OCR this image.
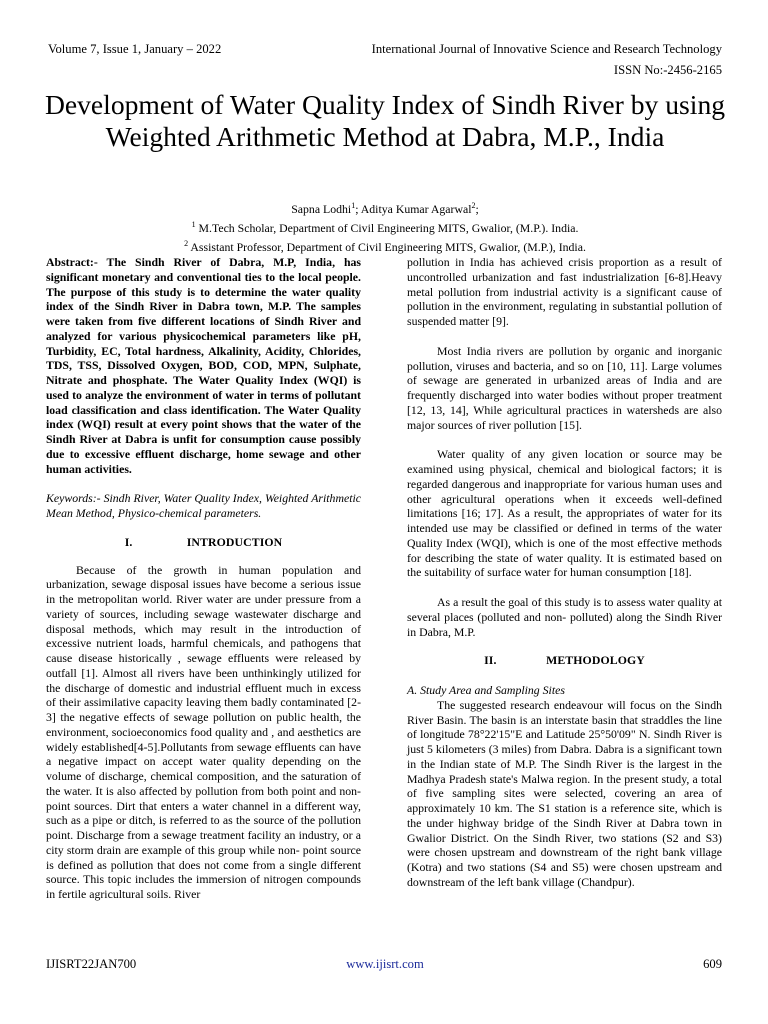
Volume 7, Issue 1, January – 2022	International Journal of Innovative Science and Research Technology
ISSN No:-2456-2165
Development of Water Quality Index of Sindh River by using Weighted Arithmetic Method at Dabra, M.P., India
Sapna Lodhi$^1$; Aditya Kumar Agarwal$^2$;
$^1$ M.Tech Scholar, Department of Civil Engineering MITS, Gwalior, (M.P.). India.
$^2$ Assistant Professor, Department of Civil Engineering MITS, Gwalior, (M.P.), India.

Abstract:- The Sindh River of Dabra, M.P, India, has significant monetary and conventional ties to the local people. The purpose of this study is to determine the water quality index of the Sindh River in Dabra town, M.P. The samples were taken from five different locations of Sindh River and analyzed for various physicochemical parameters like pH, Turbidity, EC, Total hardness, Alkalinity, Acidity, Chlorides, TDS, TSS, Dissolved Oxygen, BOD, COD, MPN, Sulphate, Nitrate and phosphate. The Water Quality Index (WQI) is used to analyze the environment of water in terms of pollutant load classification and class identification. The Water Quality index (WQI) result at every point shows that the water of the Sindh River at Dabra is unfit for consumption cause possibly due to excessive effluent discharge, home sewage and other human activities.

Keywords:- Sindh River, Water Quality Index, Weighted Arithmetic Mean Method, Physico-chemical parameters.

I.	INTRODUCTION

Because of the growth in human population and urbanization, sewage disposal issues have become a serious issue in the metropolitan world. River water are under pressure from a variety of sources, including sewage wastewater discharge and disposal methods, which may result in the introduction of excessive nutrient loads, harmful chemicals, and pathogens that cause disease historically , sewage effluents were released by outfall [1]. Almost all rivers have been unthinkingly utilized for the discharge of domestic and industrial effluent much in excess of their assimilative capacity leaving them badly contaminated [2-3] the negative effects of sewage pollution on public health, the environment, socioeconomics food quality and , and aesthetics are widely established[4-5].Pollutants from sewage effluents can have a negative impact on accept water quality depending on the volume of discharge, chemical composition, and the saturation of the water. It is also affected by pollution from both point and non- point sources. Dirt that enters a water channel in a different way, such as a pipe or ditch, is referred to as the source of the pollution point. Discharge from a sewage treatment facility an industry, or a city storm drain are example of this group while non- point source is defined as pollution that does not come from a single different source. This topic includes the immersion of nitrogen compounds in fertile agricultural soils. River

pollution in India has achieved crisis proportion as a result of uncontrolled urbanization and fast industrialization [6-8].Heavy metal pollution from industrial activity is a significant cause of pollution in the environment, regulating in substantial pollution of suspended matter [9].

Most India rivers are pollution by organic and inorganic pollution, viruses and bacteria, and so on [10, 11]. Large volumes of sewage are generated in urbanized areas of India and are frequently discharged into water bodies without proper treatment [12, 13, 14], While agricultural practices in watersheds are also major sources of river pollution [15].

Water quality of any given location or source may be examined using physical, chemical and biological factors; it is regarded dangerous and inappropriate for various human uses and other agricultural operations when it exceeds well-defined limitations [16; 17]. As a result, the appropriates of water for its intended use may be classified or defined in terms of the water Quality Index (WQI), which is one of the most effective methods for describing the state of water quality. It is estimated based on the suitability of surface water for human consumption [18].

As a result the goal of this study is to assess water quality at several places (polluted and non- polluted) along the Sindh River in Dabra, M.P.

II.	METHODOLOGY

A. Study Area and Sampling Sites

The suggested research endeavour will focus on the Sindh River Basin. The basin is an interstate basin that straddles the line of longitude 78°22'15"E and Latitude 25°50'09" N. Sindh River is just 5 kilometers (3 miles) from Dabra. Dabra is a significant town in the Indian state of M.P. The Sindh River is the largest in the Madhya Pradesh state's Malwa region. In the present study, a total of five sampling sites were selected, covering an area of approximately 10 km. The S1 station is a reference site, which is the under highway bridge of the Sindh River at Dabra town in Gwalior District. On the Sindh River, two stations (S2 and S3) were chosen upstream and downstream of the right bank village (Kotra) and two stations (S4 and S5) were chosen upstream and downstream of the left bank village (Chandpur).

IJISRT22JAN700	www.ijisrt.com	609
